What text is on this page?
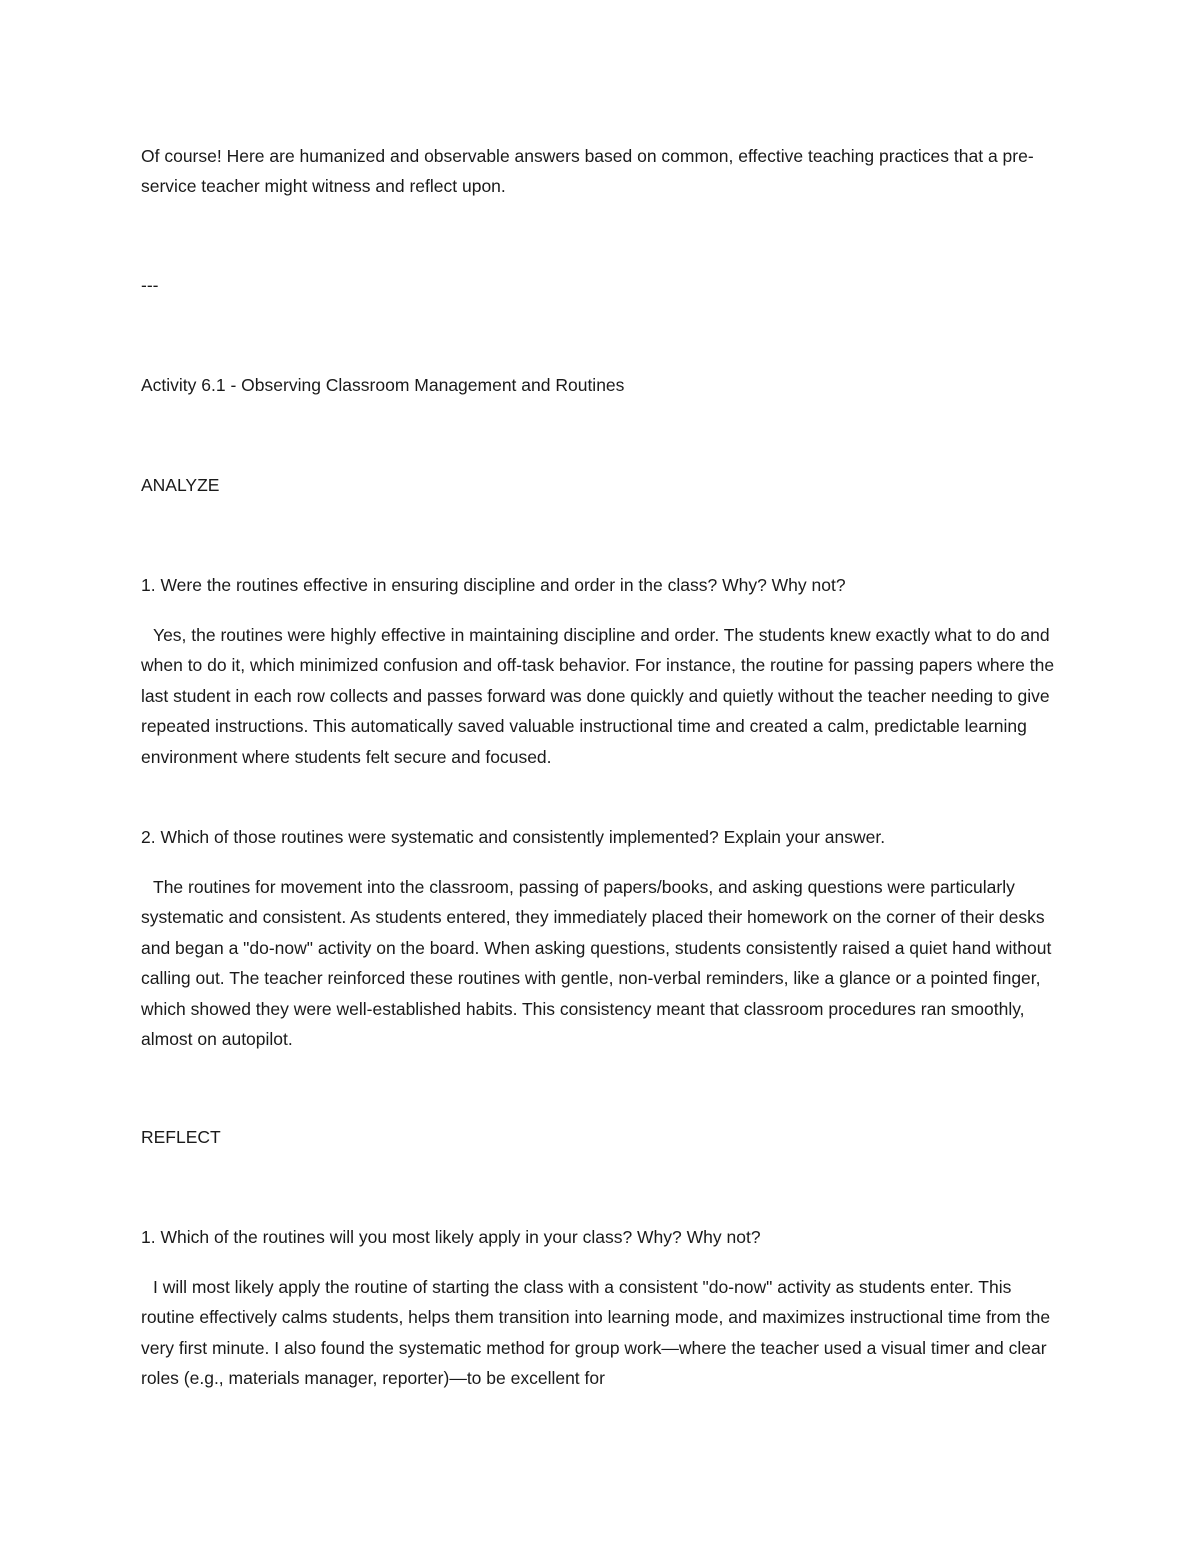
Of course! Here are humanized and observable answers based on common, effective teaching practices that a pre-service teacher might witness and reflect upon.

---

Activity 6.1 - Observing Classroom Management and Routines

ANALYZE

1. Were the routines effective in ensuring discipline and order in the class? Why? Why not?

Yes, the routines were highly effective in maintaining discipline and order. The students knew exactly what to do and when to do it, which minimized confusion and off-task behavior. For instance, the routine for passing papers where the last student in each row collects and passes forward was done quickly and quietly without the teacher needing to give repeated instructions. This automatically saved valuable instructional time and created a calm, predictable learning environment where students felt secure and focused.

2. Which of those routines were systematic and consistently implemented? Explain your answer.

The routines for movement into the classroom, passing of papers/books, and asking questions were particularly systematic and consistent. As students entered, they immediately placed their homework on the corner of their desks and began a "do-now" activity on the board. When asking questions, students consistently raised a quiet hand without calling out. The teacher reinforced these routines with gentle, non-verbal reminders, like a glance or a pointed finger, which showed they were well-established habits. This consistency meant that classroom procedures ran smoothly, almost on autopilot.

REFLECT

1. Which of the routines will you most likely apply in your class? Why? Why not?

I will most likely apply the routine of starting the class with a consistent "do-now" activity as students enter. This routine effectively calms students, helps them transition into learning mode, and maximizes instructional time from the very first minute. I also found the systematic method for group work—where the teacher used a visual timer and clear roles (e.g., materials manager, reporter)—to be excellent for
